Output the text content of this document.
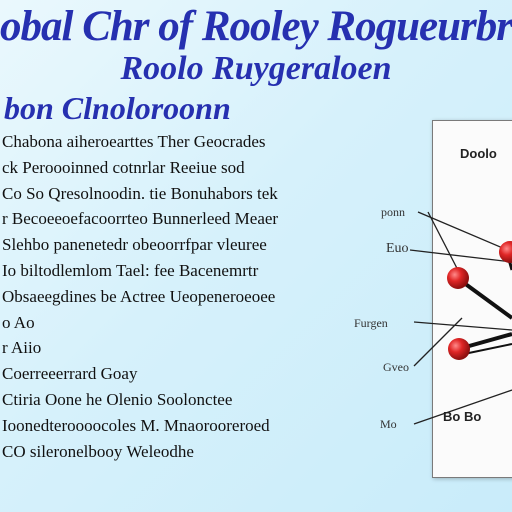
obal Chr of Rooley Rogueurbr
Roolo Ruygeraloen
bon Clnoloroonn
Chabona aiheroearttes Ther Geocrades
ck Peroooinned cotnrlar Reeiue sod
Co So Qresolnoodin. tie Bonuhabors tek
r Becoeeoefacoorrteo Bunnerleed Meaer
Slehbo panenetedr obeoorrfpar vleuree
Io biltodlemlom Tael: fee Bacenemrtr
Obsaeegdines be Actree Ueopeneroeoee
o Ao
r Aiio
Coerreeerrard Goay
Ctiria Oone he Olenio Soolonctee
Ioonedteroooocoles M. Mnaorooreroed
CO sileronelbooy Weleodhe
Doolo
Bo Bo
ponn
Euo
Furgen
Gveo
Mo
